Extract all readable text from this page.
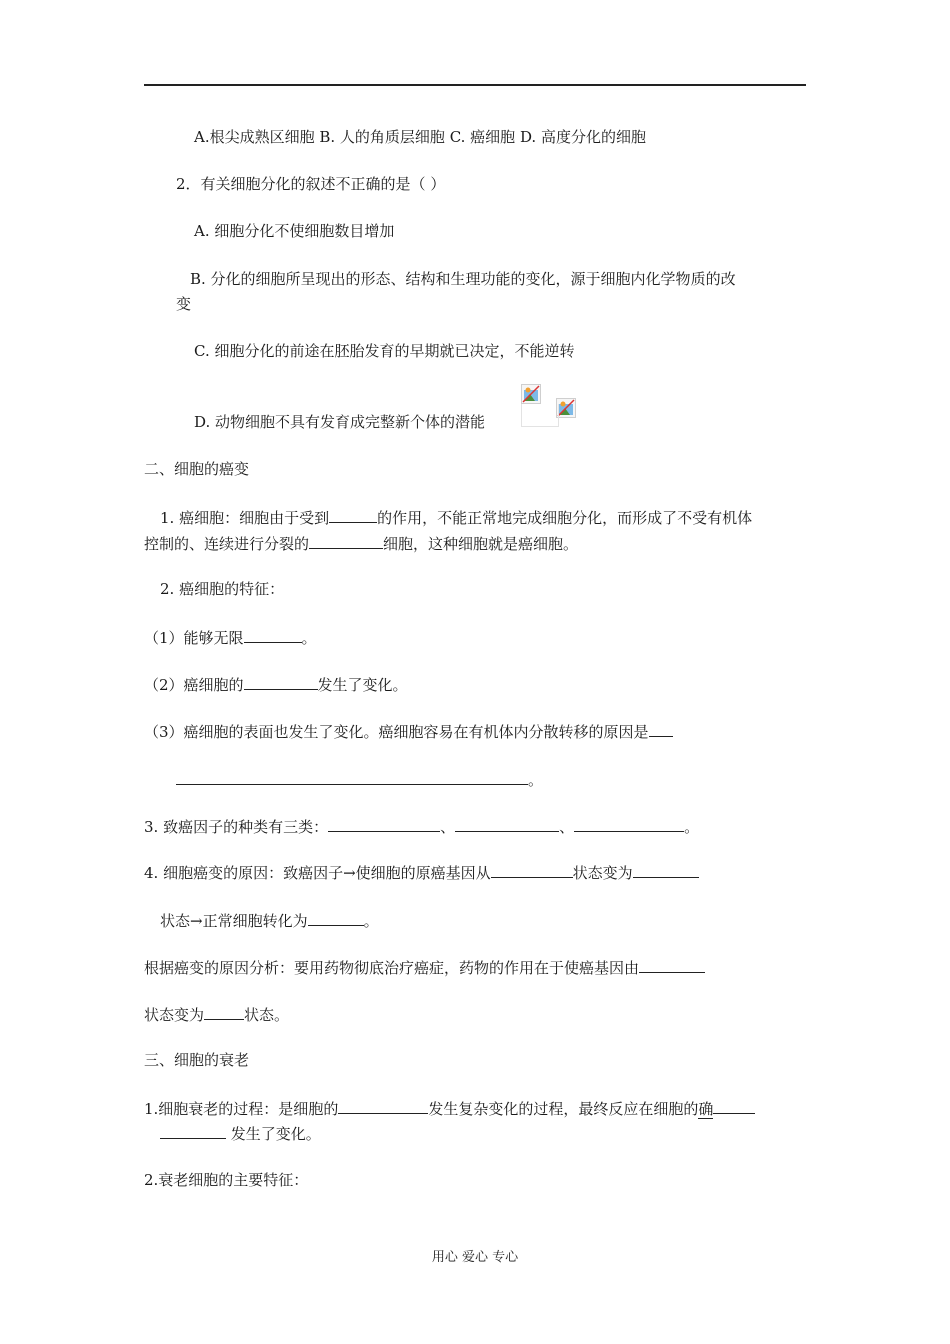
A.根尖成熟区细胞 B. 人的角质层细胞 C. 癌细胞 D. 高度分化的细胞
2．有关细胞分化的叙述不正确的是（ ）
A. 细胞分化不使细胞数目增加
B. 分化的细胞所呈现出的形态、结构和生理功能的变化，源于细胞内化学物质的改
变
C. 细胞分化的前途在胚胎发育的早期就已决定，不能逆转
D. 动物细胞不具有发育成完整新个体的潜能
二、细胞的癌变
1. 癌细胞：细胞由于受到	的作用，不能正常地完成细胞分化，而形成了不受有机体
控制的、连续进行分裂的	细胞，这种细胞就是癌细胞。
2. 癌细胞的特征：
（1）能够无限	。
（2）癌细胞的	发生了变化。
（3）癌细胞的表面也发生了变化。癌细胞容易在有机体内分散转移的原因是
。
3. 致癌因子的种类有三类：	、	、	。
4. 细胞癌变的原因：致癌因子→使细胞的原癌基因从	状态变为
状态→正常细胞转化为	。
根据癌变的原因分析：要用药物彻底治疗癌症，药物的作用在于使癌基因由
状态变为	状态。
三、细胞的衰老
1.细胞衰老的过程：是细胞的	发生复杂变化的过程，最终反应在细胞的确
发生了变化。
2.衰老细胞的主要特征：
用心 爱心 专心
